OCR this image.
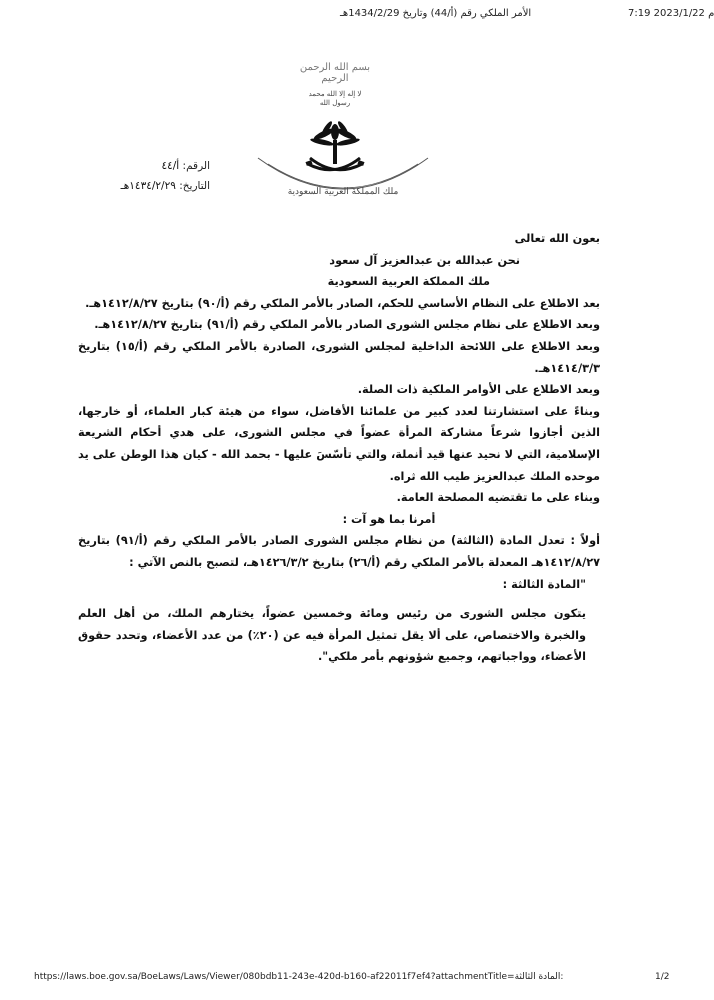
7:19 2023/1/22 م
الأمر الملكي رقم (أ/44) وتاريخ 1434/2/29هـ
بسم الله الرحمن الرحيم
لا إله إلا الله محمد رسول الله
ملك المملكة العربية السعودية
الرقم: أ/٤٤
التاريخ: ١٤٣٤/٢/٢٩هـ

بعون الله تعالى

نحن عبدالله بن عبدالعزيز آل سعود

ملك المملكة العربية السعودية

بعد الاطلاع على النظام الأساسي للحكم، الصادر بالأمر الملكي رقم (أ/٩٠) بتاريخ ١٤١٢/٨/٢٧هـ.

وبعد الاطلاع على نظام مجلس الشورى الصادر بالأمر الملكي رقم (أ/٩١) بتاريخ ١٤١٢/٨/٢٧هـ.

وبعد الاطلاع على اللائحة الداخلية لمجلس الشورى، الصادرة بالأمر الملكي رقم (أ/١٥) بتاريخ ١٤١٤/٣/٣هـ.

وبعد الاطلاع على الأوامر الملكية ذات الصلة.

وبناءً على استشارتنا لعدد كبير من علمائنا الأفاضل، سواء من هيئة كبار العلماء، أو خارجها، الذين أجازوا شرعاً مشاركة المرأة عضواً في مجلس الشورى، على هدي أحكام الشريعة الإسلامية، التي لا نحيد عنها قيد أنملة، والتي تأسّسَ عليها - بحمد الله - كيان هذا الوطن على يد موحده الملك عبدالعزيز طيب الله ثراه.

وبناء على ما تقتضيه المصلحة العامة.

أمرنا بما هو آت :

أولاً : تعدل المادة (الثالثة) من نظام مجلس الشورى الصادر بالأمر الملكي رقم (أ/٩١) بتاريخ ١٤١٢/٨/٢٧هـ المعدلة بالأمر الملكي رقم (أ/٢٦) بتاريخ ١٤٢٦/٣/٢هـ، لتصبح بالنص الآتي :

"المادة الثالثة :

يتكون مجلس الشورى من رئيس ومائة وخمسين عضواً، يختارهم الملك، من أهل العلم والخبرة والاختصاص، على ألا يقل تمثيل المرأة فيه عن (٢٠٪) من عدد الأعضاء، وتحدد حقوق الأعضاء، وواجباتهم، وجميع شؤونهم بأمر ملكي".

https://laws.boe.gov.sa/BoeLaws/Laws/Viewer/080bdb11-243e-420d-b160-af22011f7ef4?attachmentTitle=المادة الثالثة:	1/2
